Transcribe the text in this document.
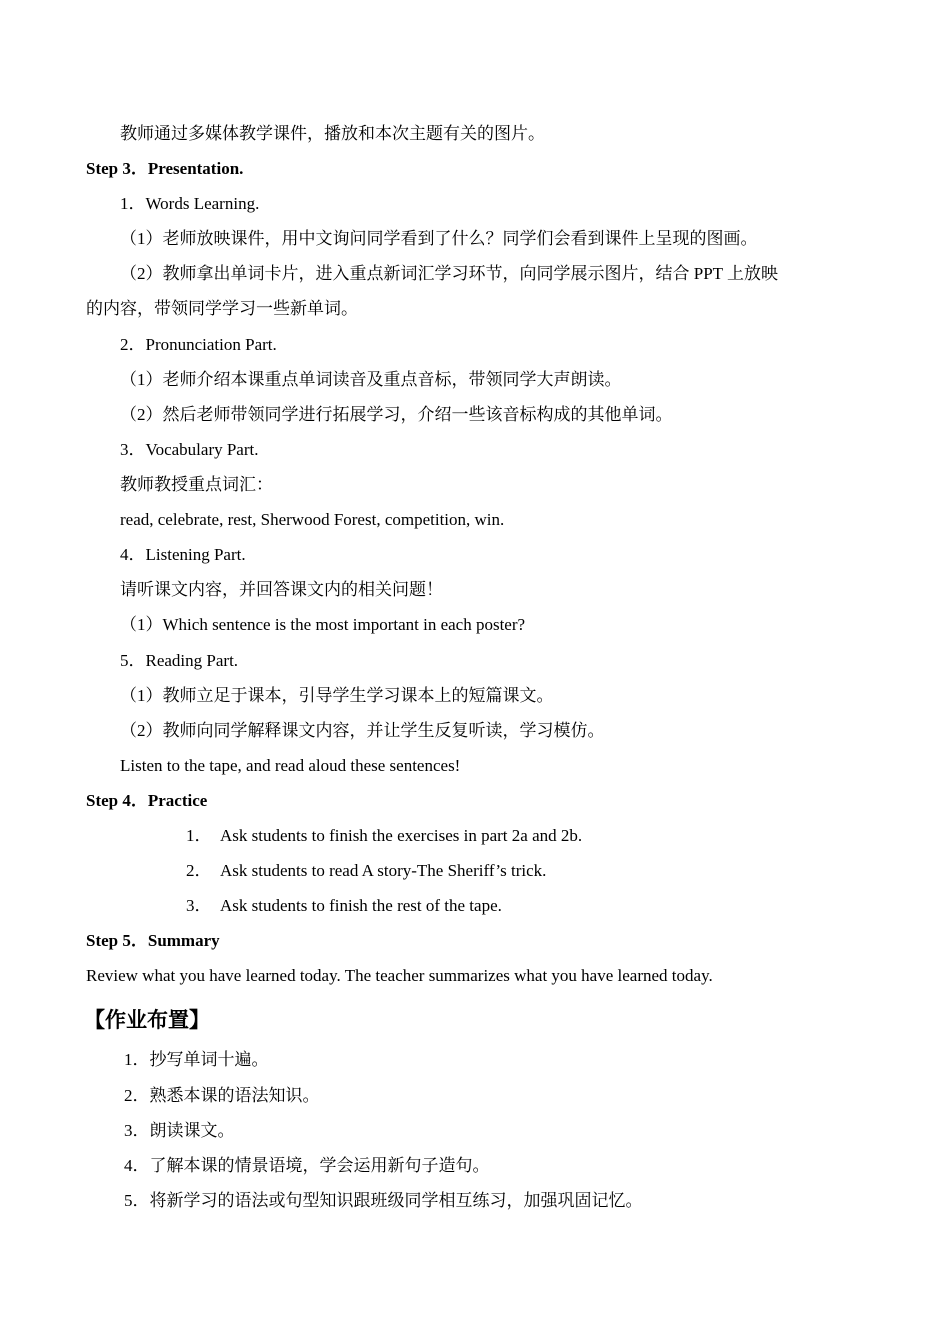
教师通过多媒体教学课件，播放和本次主题有关的图片。
Step 3．Presentation.
1．Words Learning.
（1）老师放映课件，用中文询问同学看到了什么？同学们会看到课件上呈现的图画。
（2）教师拿出单词卡片，进入重点新词汇学习环节，向同学展示图片，结合 PPT 上放映
的内容，带领同学学习一些新单词。
2．Pronunciation Part.
（1）老师介绍本课重点单词读音及重点音标，带领同学大声朗读。
（2）然后老师带领同学进行拓展学习，介绍一些该音标构成的其他单词。
3．Vocabulary Part.
教师教授重点词汇：
read, celebrate, rest, Sherwood Forest, competition, win.
4．Listening Part.
请听课文内容，并回答课文内的相关问题！
（1）Which sentence is the most important in each poster?
5．Reading Part.
（1）教师立足于课本，引导学生学习课本上的短篇课文。
（2）教师向同学解释课文内容，并让学生反复听读，学习模仿。
Listen to the tape, and read aloud these sentences!
Step 4．Practice
1． Ask students to finish the exercises in part 2a and 2b.
2． Ask students to read A story-The Sheriff’s trick.
3． Ask students to finish the rest of the tape.
Step 5．Summary
Review what you have learned today. The teacher summarizes what you have learned today.
【作业布置】
1．抄写单词十遍。
2．熟悉本课的语法知识。
3．朗读课文。
4．了解本课的情景语境，学会运用新句子造句。
5．将新学习的语法或句型知识跟班级同学相互练习，加强巩固记忆。
